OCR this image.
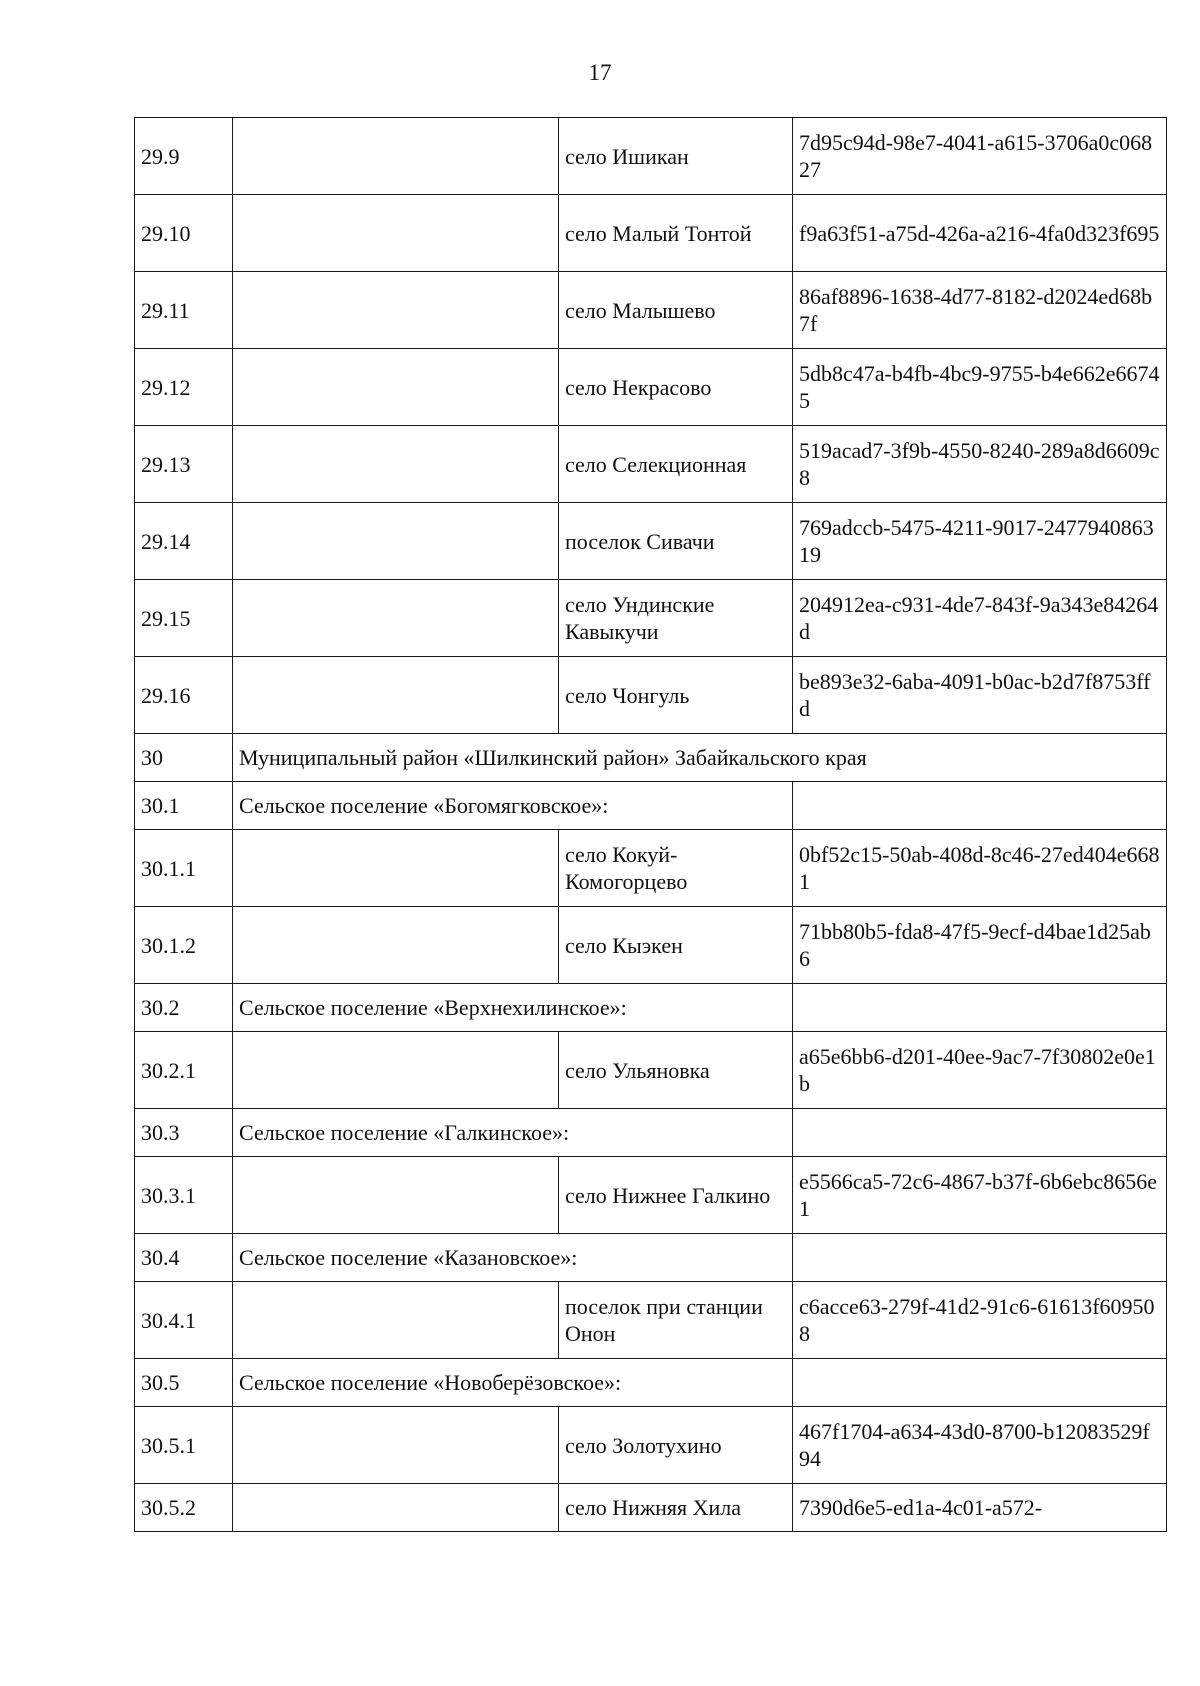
17
29.9		село Ишикан	7d95c94d-98e7-4041-a615-3706a0c06827
29.10		село Малый Тонтой	f9a63f51-a75d-426a-a216-4fa0d323f695
29.11		село Малышево	86af8896-1638-4d77-8182-d2024ed68b7f
29.12		село Некрасово	5db8c47a-b4fb-4bc9-9755-b4e662e66745
29.13		село Селекционная	519acad7-3f9b-4550-8240-289a8d6609c8
29.14		поселок Сивачи	769adccb-5475-4211-9017-247794086319
29.15		село Ундинские Кавыкучи	204912ea-c931-4de7-843f-9a343e84264d
29.16		село Чонгуль	be893e32-6aba-4091-b0ac-b2d7f8753ffd
30	Муниципальный район «Шилкинский район» Забайкальского края		
30.1	Сельское поселение «Богомягковское»:		
30.1.1		село Кокуй-Комогорцево	0bf52c15-50ab-408d-8c46-27ed404e6681
30.1.2		село Кыэкен	71bb80b5-fda8-47f5-9ecf-d4bae1d25ab6
30.2	Сельское поселение «Верхнехилинское»:		
30.2.1		село Ульяновка	a65e6bb6-d201-40ee-9ac7-7f30802e0e1b
30.3	Сельское поселение «Галкинское»:		
30.3.1		село Нижнее Галкино	e5566ca5-72c6-4867-b37f-6b6ebc8656e1
30.4	Сельское поселение «Казановское»:		
30.4.1		поселок при станции Онон	c6acce63-279f-41d2-91c6-61613f609508
30.5	Сельское поселение «Новоберёзовское»:		
30.5.1		село Золотухино	467f1704-a634-43d0-8700-b12083529f94
30.5.2		село Нижняя Хила	7390d6e5-ed1a-4c01-a572-
